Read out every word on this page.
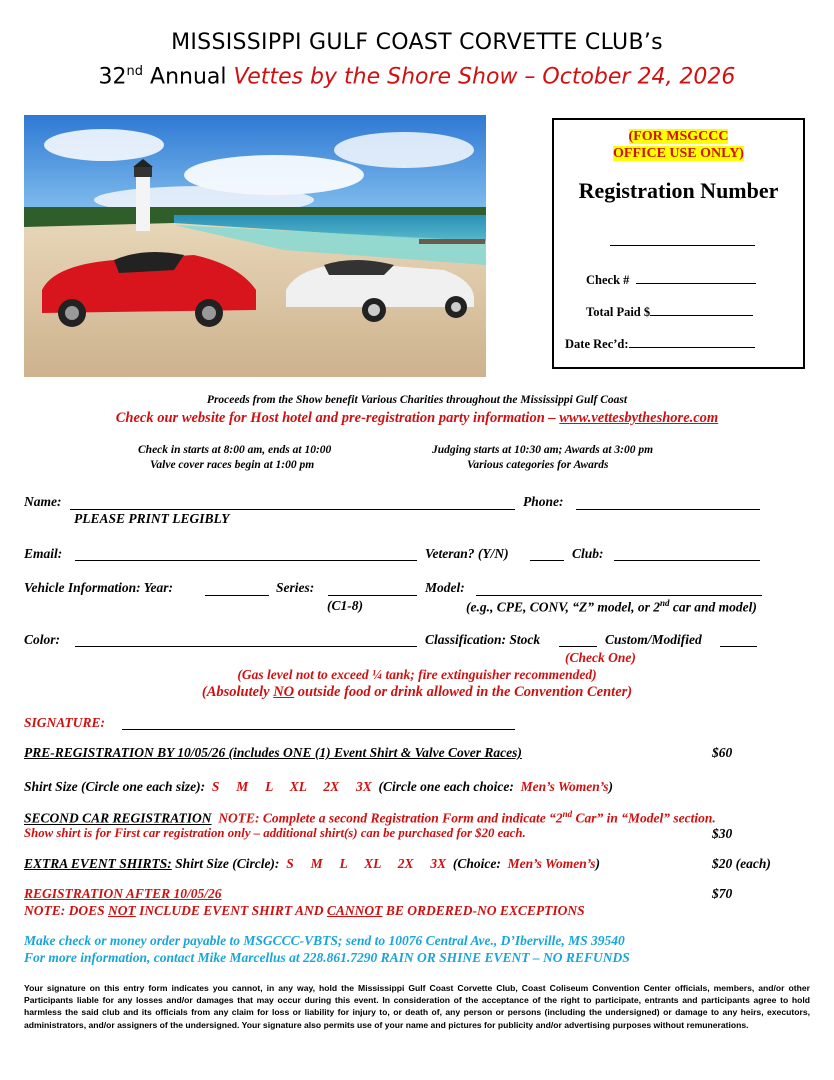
MISSISSIPPI GULF COAST CORVETTE CLUB’s
32nd Annual Vettes by the Shore Show – October 24, 2026
(FOR MSGCCC
OFFICE USE ONLY)
Registration Number
Check #
Total Paid $
Date Rec’d:
Proceeds from the Show benefit Various Charities throughout the Mississippi Gulf Coast
Check our website for Host hotel and pre-registration party information – www.vettesbytheshore.com
Check in starts at 8:00 am, ends at 10:00
Valve cover races begin at 1:00 pm
Judging starts at 10:30 am; Awards at 3:00 pm
Various categories for Awards
Name:	Phone:
PLEASE PRINT LEGIBLY
Email:	Veteran? (Y/N)	Club:
Vehicle Information: Year:	Series:	Model:
(C1-8)	(e.g., CPE, CONV, “Z” model, or 2nd car and model)
Color:	Classification: Stock	Custom/Modified
(Check One)
(Gas level not to exceed ¼ tank; fire extinguisher recommended)
(Absolutely NO outside food or drink allowed in the Convention Center)
SIGNATURE:
PRE-REGISTRATION BY 10/05/26 (includes ONE (1) Event Shirt & Valve Cover Races)	$60
Shirt Size (Circle one each size): S     M     L     XL     2X     3X (Circle one each choice: Men’s Women’s)
SECOND CAR REGISTRATION NOTE: Complete a second Registration Form and indicate “2nd Car” in “Model” section.
Show shirt is for First car registration only – additional shirt(s) can be purchased for $20 each.	$30
EXTRA EVENT SHIRTS: Shirt Size (Circle): S     M     L     XL     2X     3X (Choice: Men’s Women’s)	$20 (each)
REGISTRATION AFTER 10/05/26	$70
NOTE: DOES NOT INCLUDE EVENT SHIRT AND CANNOT BE ORDERED-NO EXCEPTIONS
Make check or money order payable to MSGCCC-VBTS; send to 10076 Central Ave., D’Iberville, MS 39540
For more information, contact Mike Marcellus at 228.861.7290 RAIN OR SHINE EVENT – NO REFUNDS
Your signature on this entry form indicates you cannot, in any way, hold the Mississippi Gulf Coast Corvette Club, Coast Coliseum Convention Center officials, members, and/or other Participants liable for any losses and/or damages that may occur during this event. In consideration of the acceptance of the right to participate, entrants and participants agree to hold harmless the said club and its officials from any claim for loss or liability for injury to, or death of, any person or persons (including the undersigned) or damage to any heirs, executors, administrators, and/or assigners of the undersigned. Your signature also permits use of your name and pictures for publicity and/or advertising purposes without remunerations.
